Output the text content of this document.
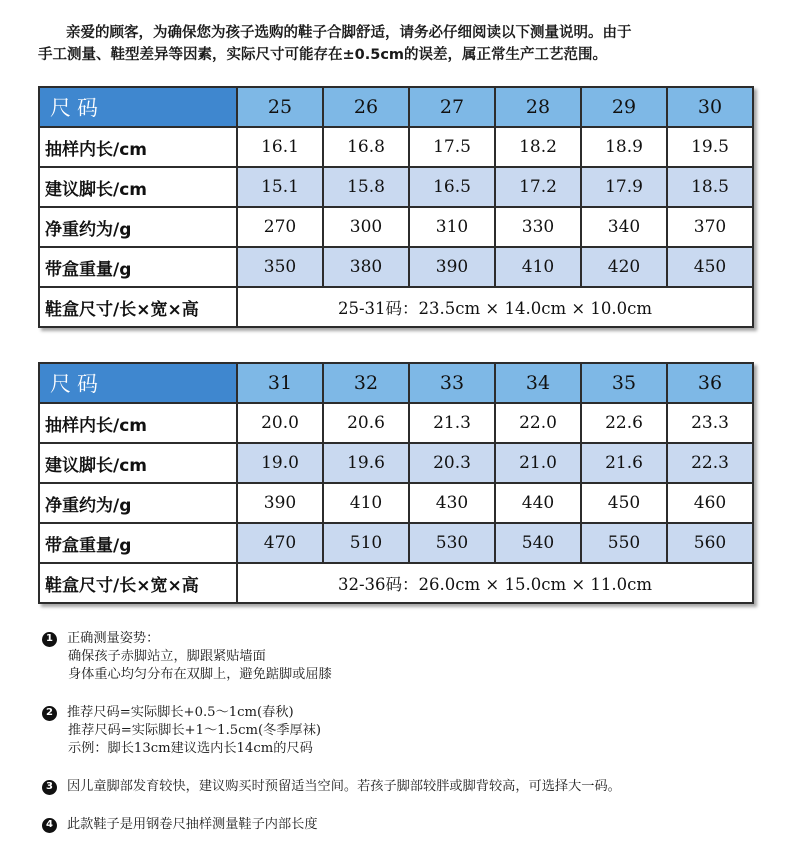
亲爱的顾客，为确保您为孩子选购的鞋子合脚舒适，请务必仔细阅读以下测量说明。由于
手工测量、鞋型差异等因素，实际尺寸可能存在±0.5cm的误差，属正常生产工艺范围。
尺码	25	26	27	28	29	30
抽样内长/cm	16.1	16.8	17.5	18.2	18.9	19.5
建议脚长/cm	15.1	15.8	16.5	17.2	17.9	18.5
净重约为/g	270	300	310	330	340	370
带盒重量/g	350	380	390	410	420	450
鞋盒尺寸/长×宽×高	25-31码：23.5cm × 14.0cm × 10.0cm					
尺码	31	32	33	34	35	36
抽样内长/cm	20.0	20.6	21.3	22.0	22.6	23.3
建议脚长/cm	19.0	19.6	20.3	21.0	21.6	22.3
净重约为/g	390	410	430	440	450	460
带盒重量/g	470	510	530	540	550	560
鞋盒尺寸/长×宽×高	32-36码：26.0cm × 15.0cm × 11.0cm					
1	正确测量姿势：
确保孩子赤脚站立，脚跟紧贴墙面
身体重心均匀分布在双脚上，避免踮脚或屈膝
2	推荐尺码=实际脚长+0.5～1cm(春秋)
推荐尺码=实际脚长+1～1.5cm(冬季厚袜)
示例：脚长13cm建议选内长14cm的尺码
3	因儿童脚部发育较快，建议购买时预留适当空间。若孩子脚部较胖或脚背较高，可选择大一码。
4	此款鞋子是用钢卷尺抽样测量鞋子内部长度
